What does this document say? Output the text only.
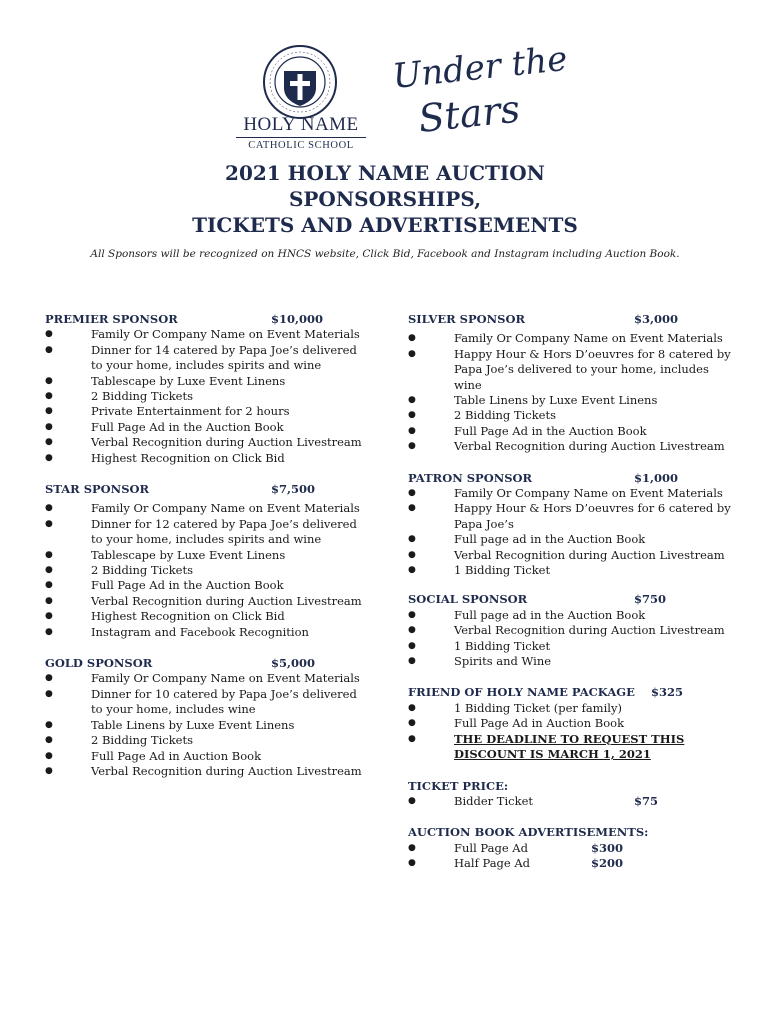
HOLY NAME
CATHOLIC SCHOOL
Under the
Stars
2021 HOLY NAME AUCTION
SPONSORSHIPS,
TICKETS AND ADVERTISEMENTS
All Sponsors will be recognized on HNCS website, Click Bid, Facebook and Instagram including Auction Book.
PREMIER SPONSOR	$10,000
● Family Or Company Name on Event Materials
● Dinner for 14 catered by Papa Joe’s delivered to your home, includes spirits and wine
● Tablescape by Luxe Event Linens
● 2 Bidding Tickets
● Private Entertainment for 2 hours
● Full Page Ad in the Auction Book
● Verbal Recognition during Auction Livestream
● Highest Recognition on Click Bid
STAR SPONSOR	$7,500
● Family Or Company Name on Event Materials
● Dinner for 12 catered by Papa Joe’s delivered to your home, includes spirits and wine
● Tablescape by Luxe Event Linens
● 2 Bidding Tickets
● Full Page Ad in the Auction Book
● Verbal Recognition during Auction Livestream
● Highest Recognition on Click Bid
● Instagram and Facebook Recognition
GOLD SPONSOR	$5,000
● Family Or Company Name on Event Materials
● Dinner for 10 catered by Papa Joe’s delivered to your home, includes wine
● Table Linens by Luxe Event Linens
● 2 Bidding Tickets
● Full Page Ad in Auction Book
● Verbal Recognition during Auction Livestream
SILVER SPONSOR	$3,000
● Family Or Company Name on Event Materials
● Happy Hour & Hors D’oeuvres for 8 catered by Papa Joe’s delivered to your home, includes wine
● Table Linens by Luxe Event Linens
● 2 Bidding Tickets
● Full Page Ad in the Auction Book
● Verbal Recognition during Auction Livestream
PATRON SPONSOR	$1,000
● Family Or Company Name on Event Materials
● Happy Hour & Hors D’oeuvres for 6 catered by Papa Joe’s
● Full page ad in the Auction Book
● Verbal Recognition during Auction Livestream
● 1 Bidding Ticket
SOCIAL SPONSOR	$750
● Full page ad in the Auction Book
● Verbal Recognition during Auction Livestream
● 1 Bidding Ticket
● Spirits and Wine
FRIEND OF HOLY NAME PACKAGE $325
● 1 Bidding Ticket (per family)
● Full Page Ad in Auction Book
● THE DEADLINE TO REQUEST THIS DISCOUNT IS MARCH 1, 2021
TICKET PRICE:
● Bidder Ticket	$75
AUCTION BOOK ADVERTISEMENTS:
● Full Page Ad	$300
● Half Page Ad	$200
